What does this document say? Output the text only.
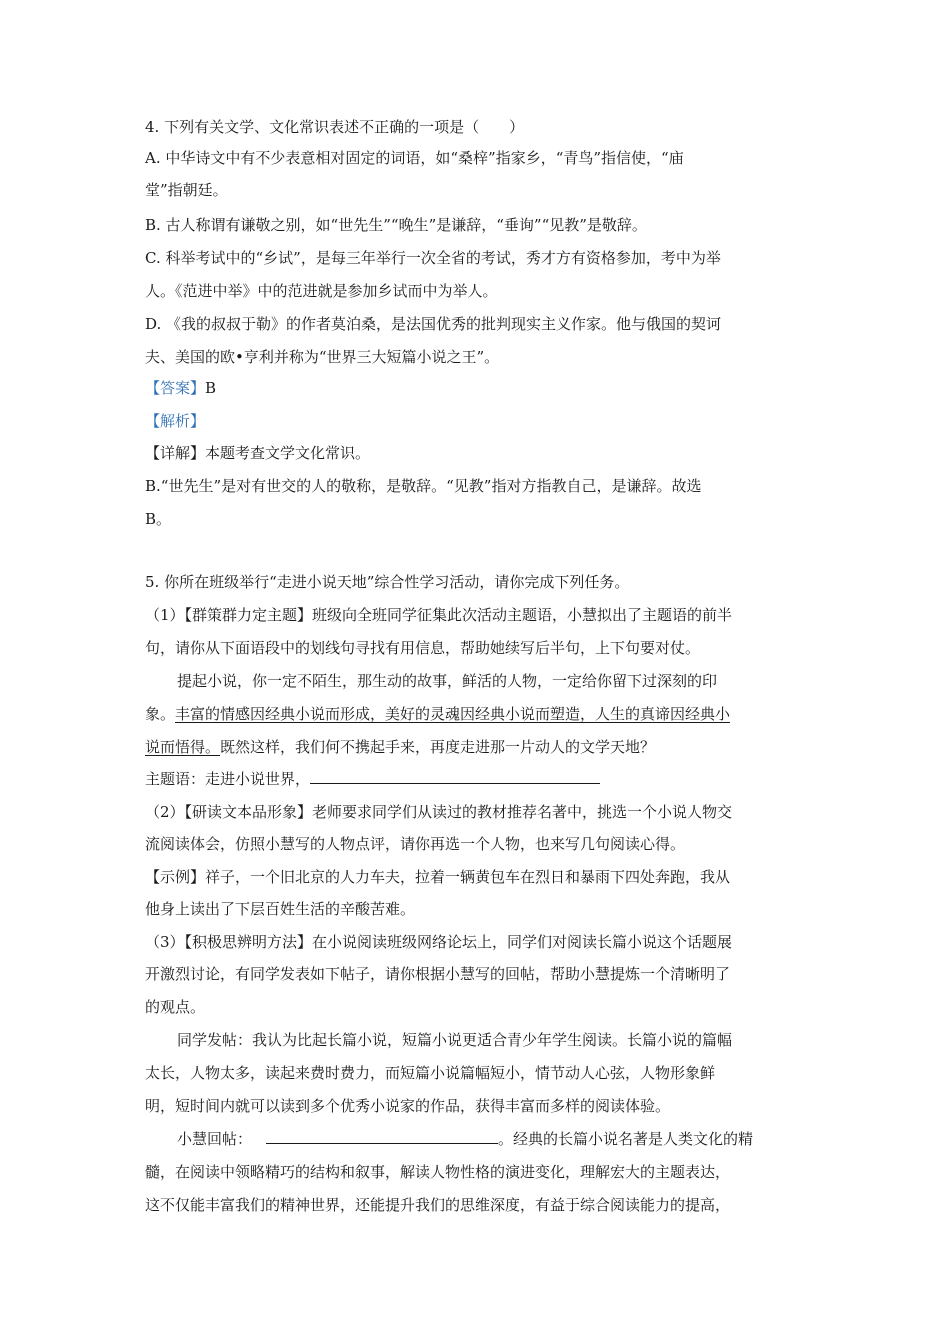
4. 下列有关文学、文化常识表述不正确的一项是（　　）
A. 中华诗文中有不少表意相对固定的词语，如“桑梓”指家乡，“青鸟”指信使，“庙
堂”指朝廷。
B. 古人称谓有谦敬之别，如“世先生”“晚生”是谦辞，“垂询”“见教”是敬辞。
C. 科举考试中的“乡试”，是每三年举行一次全省的考试，秀才方有资格参加，考中为举
人。《范进中举》中的范进就是参加乡试而中为举人。
D. 《我的叔叔于勒》的作者莫泊桑，是法国优秀的批判现实主义作家。他与俄国的契诃
夫、美国的欧•亨利并称为“世界三大短篇小说之王”。
【答案】B
【解析】
【详解】本题考查文学文化常识。
B.“世先生”是对有世交的人的敬称，是敬辞。“见教”指对方指教自己，是谦辞。故选
B。
5. 你所在班级举行“走进小说天地”综合性学习活动，请你完成下列任务。
（1）【群策群力定主题】班级向全班同学征集此次活动主题语，小慧拟出了主题语的前半
句，请你从下面语段中的划线句寻找有用信息，帮助她续写后半句，上下句要对仗。
提起小说，你一定不陌生，那生动的故事，鲜活的人物，一定给你留下过深刻的印
象。丰富的情感因经典小说而形成，美好的灵魂因经典小说而塑造，人生的真谛因经典小
说而悟得。既然这样，我们何不携起手来，再度走进那一片动人的文学天地？
主题语：走进小说世界，
（2）【研读文本品形象】老师要求同学们从读过的教材推荐名著中，挑选一个小说人物交
流阅读体会，仿照小慧写的人物点评，请你再选一个人物，也来写几句阅读心得。
【示例】祥子，一个旧北京的人力车夫，拉着一辆黄包车在烈日和暴雨下四处奔跑，我从
他身上读出了下层百姓生活的辛酸苦难。
（3）【积极思辨明方法】在小说阅读班级网络论坛上，同学们对阅读长篇小说这个话题展
开激烈讨论，有同学发表如下帖子，请你根据小慧写的回帖，帮助小慧提炼一个清晰明了
的观点。
同学发帖：我认为比起长篇小说，短篇小说更适合青少年学生阅读。长篇小说的篇幅
太长，人物太多，读起来费时费力，而短篇小说篇幅短小，情节动人心弦，人物形象鲜
明，短时间内就可以读到多个优秀小说家的作品，获得丰富而多样的阅读体验。
小慧回帖：	。经典的长篇小说名著是人类文化的精
髓，在阅读中领略精巧的结构和叙事，解读人物性格的演进变化，理解宏大的主题表达，
这不仅能丰富我们的精神世界，还能提升我们的思维深度，有益于综合阅读能力的提高，
